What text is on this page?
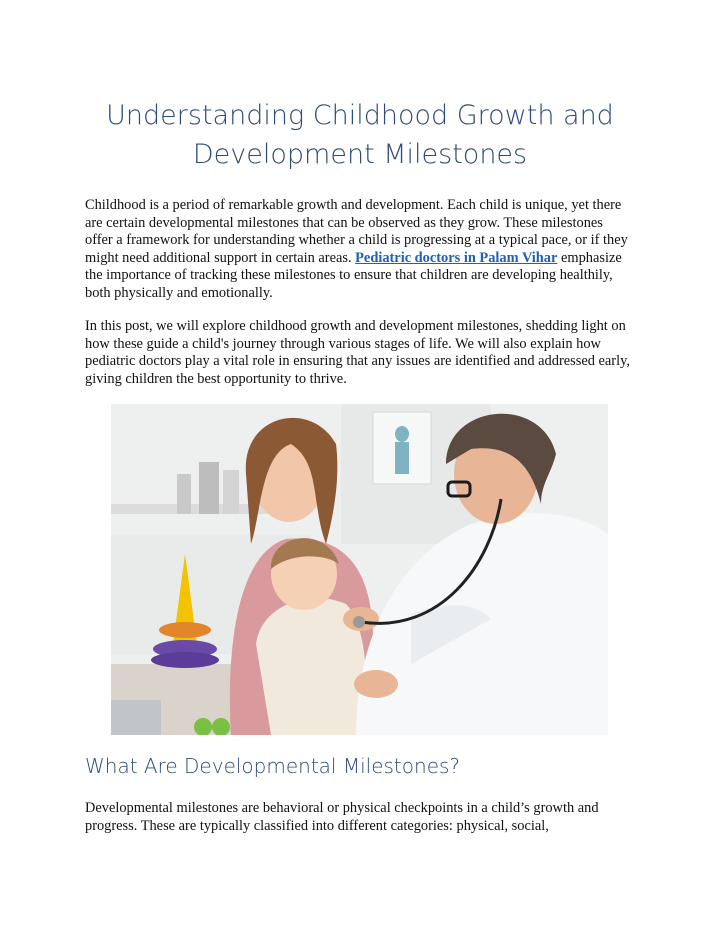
Understanding Childhood Growth and Development Milestones

Childhood is a period of remarkable growth and development. Each child is unique, yet there are certain developmental milestones that can be observed as they grow. These milestones offer a framework for understanding whether a child is progressing at a typical pace, or if they might need additional support in certain areas. Pediatric doctors in Palam Vihar emphasize the importance of tracking these milestones to ensure that children are developing healthily, both physically and emotionally.

In this post, we will explore childhood growth and development milestones, shedding light on how these guide a child's journey through various stages of life. We will also explain how pediatric doctors play a vital role in ensuring that any issues are identified and addressed early, giving children the best opportunity to thrive.

What Are Developmental Milestones?

Developmental milestones are behavioral or physical checkpoints in a child’s growth and progress. These are typically classified into different categories: physical, social,
